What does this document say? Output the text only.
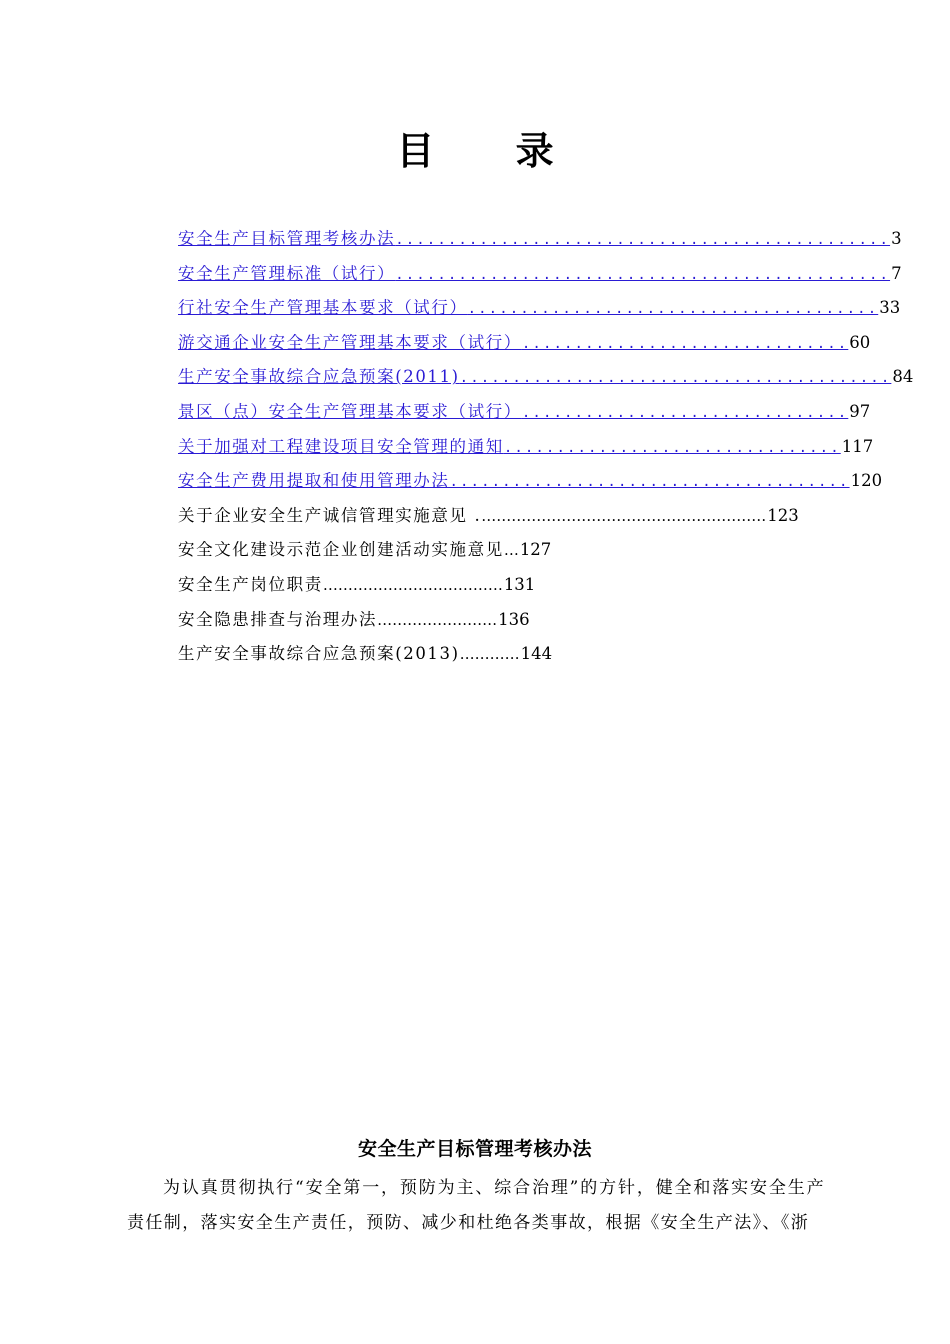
目 录
安全生产目标管理考核办法 ............................................... 3
安全生产管理标准（试行） ............................................... 7
行社安全生产管理基本要求（试行） ....................................... 33
游交通企业安全生产管理基本要求（试行） ............................... 60
生产安全事故综合应急预案(2011) ......................................... 84
景区（点）安全生产管理基本要求（试行） ............................... 97
关于加强对工程建设项目安全管理的通知 ................................ 117
安全生产费用提取和使用管理办法 ...................................... 120
关于企业安全生产诚信管理实施意见 .…………………………………………………123
安全文化建设示范企业创建活动实施意见…127
安全生产岗位职责………………………………131
安全隐患排查与治理办法……………………136
生产安全事故综合应急预案(2013)…………144
安全生产目标管理考核办法
为认真贯彻执行“安全第一，预防为主、综合治理”的方针，健全和落实安全生产责任制，落实安全生产责任，预防、减少和杜绝各类事故，根据《安全生产法》、《浙
